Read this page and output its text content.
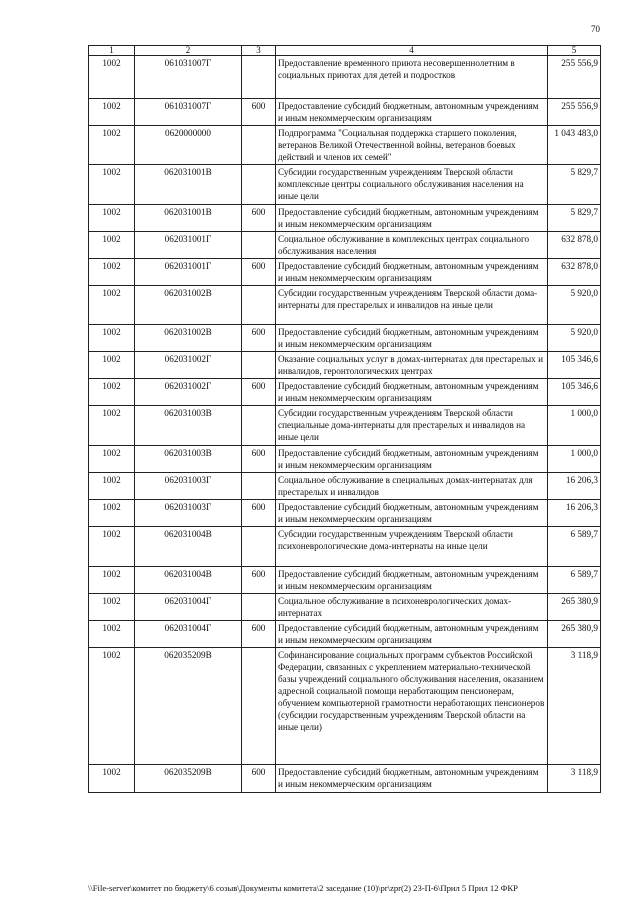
70
1	2	3	4	5
1002	061031007Г		Предоставление временного приюта несовершеннолетним в социальных приютах для детей и подростков	255 556,9
1002	061031007Г	600	Предоставление субсидий бюджетным, автономным учреждениям и иным некоммерческим организациям	255 556,9
1002	0620000000		Подпрограмма "Социальная поддержка старшего поколения, ветеранов Великой Отечественной войны, ветеранов боевых действий и членов их семей"	1 043 483,0
1002	062031001В		Субсидии государственным учреждениям Тверской области комплексные центры социального обслуживания населения на иные цели	5 829,7
1002	062031001В	600	Предоставление субсидий бюджетным, автономным учреждениям и иным некоммерческим организациям	5 829,7
1002	062031001Г		Социальное обслуживание в комплексных центрах социального обслуживания населения	632 878,0
1002	062031001Г	600	Предоставление субсидий бюджетным, автономным учреждениям и иным некоммерческим организациям	632 878,0
1002	062031002В		Субсидии государственным учреждениям Тверской области дома-интернаты для престарелых и инвалидов на иные цели	5 920,0
1002	062031002В	600	Предоставление субсидий бюджетным, автономным учреждениям и иным некоммерческим организациям	5 920,0
1002	062031002Г		Оказание социальных услуг в домах-интернатах для престарелых и инвалидов, геронтологических центрах	105 346,6
1002	062031002Г	600	Предоставление субсидий бюджетным, автономным учреждениям и иным некоммерческим организациям	105 346,6
1002	062031003В		Субсидии государственным учреждениям Тверской области специальные дома-интернаты для престарелых и инвалидов на иные цели	1 000,0
1002	062031003В	600	Предоставление субсидий бюджетным, автономным учреждениям и иным некоммерческим организациям	1 000,0
1002	062031003Г		Социальное обслуживание в специальных домах-интернатах для престарелых и инвалидов	16 206,3
1002	062031003Г	600	Предоставление субсидий бюджетным, автономным учреждениям и иным некоммерческим организациям	16 206,3
1002	062031004В		Субсидии государственным учреждениям Тверской области психоневрологические дома-интернаты на иные цели	6 589,7
1002	062031004В	600	Предоставление субсидий бюджетным, автономным учреждениям и иным некоммерческим организациям	6 589,7
1002	062031004Г		Социальное обслуживание в психоневрологических домах-интернатах	265 380,9
1002	062031004Г	600	Предоставление субсидий бюджетным, автономным учреждениям и иным некоммерческим организациям	265 380,9
1002	062035209В		Софинансирование социальных программ субъектов Российской Федерации, связанных с укреплением материально-технической базы учреждений социального обслуживания населения, оказанием адресной социальной помощи неработающим пенсионерам, обучением компьютерной грамотности неработающих пенсионеров (субсидии государственным учреждениям Тверской области на иные цели)	3 118,9
1002	062035209В	600	Предоставление субсидий бюджетным, автономным учреждениям и иным некоммерческим организациям	3 118,9
\\File-server\комитет по бюджету\6 созыв\Документы комитета\2 заседание (10)\рr\zpr(2) 23-П-6\Прил 5 Прил 12 ФКР
